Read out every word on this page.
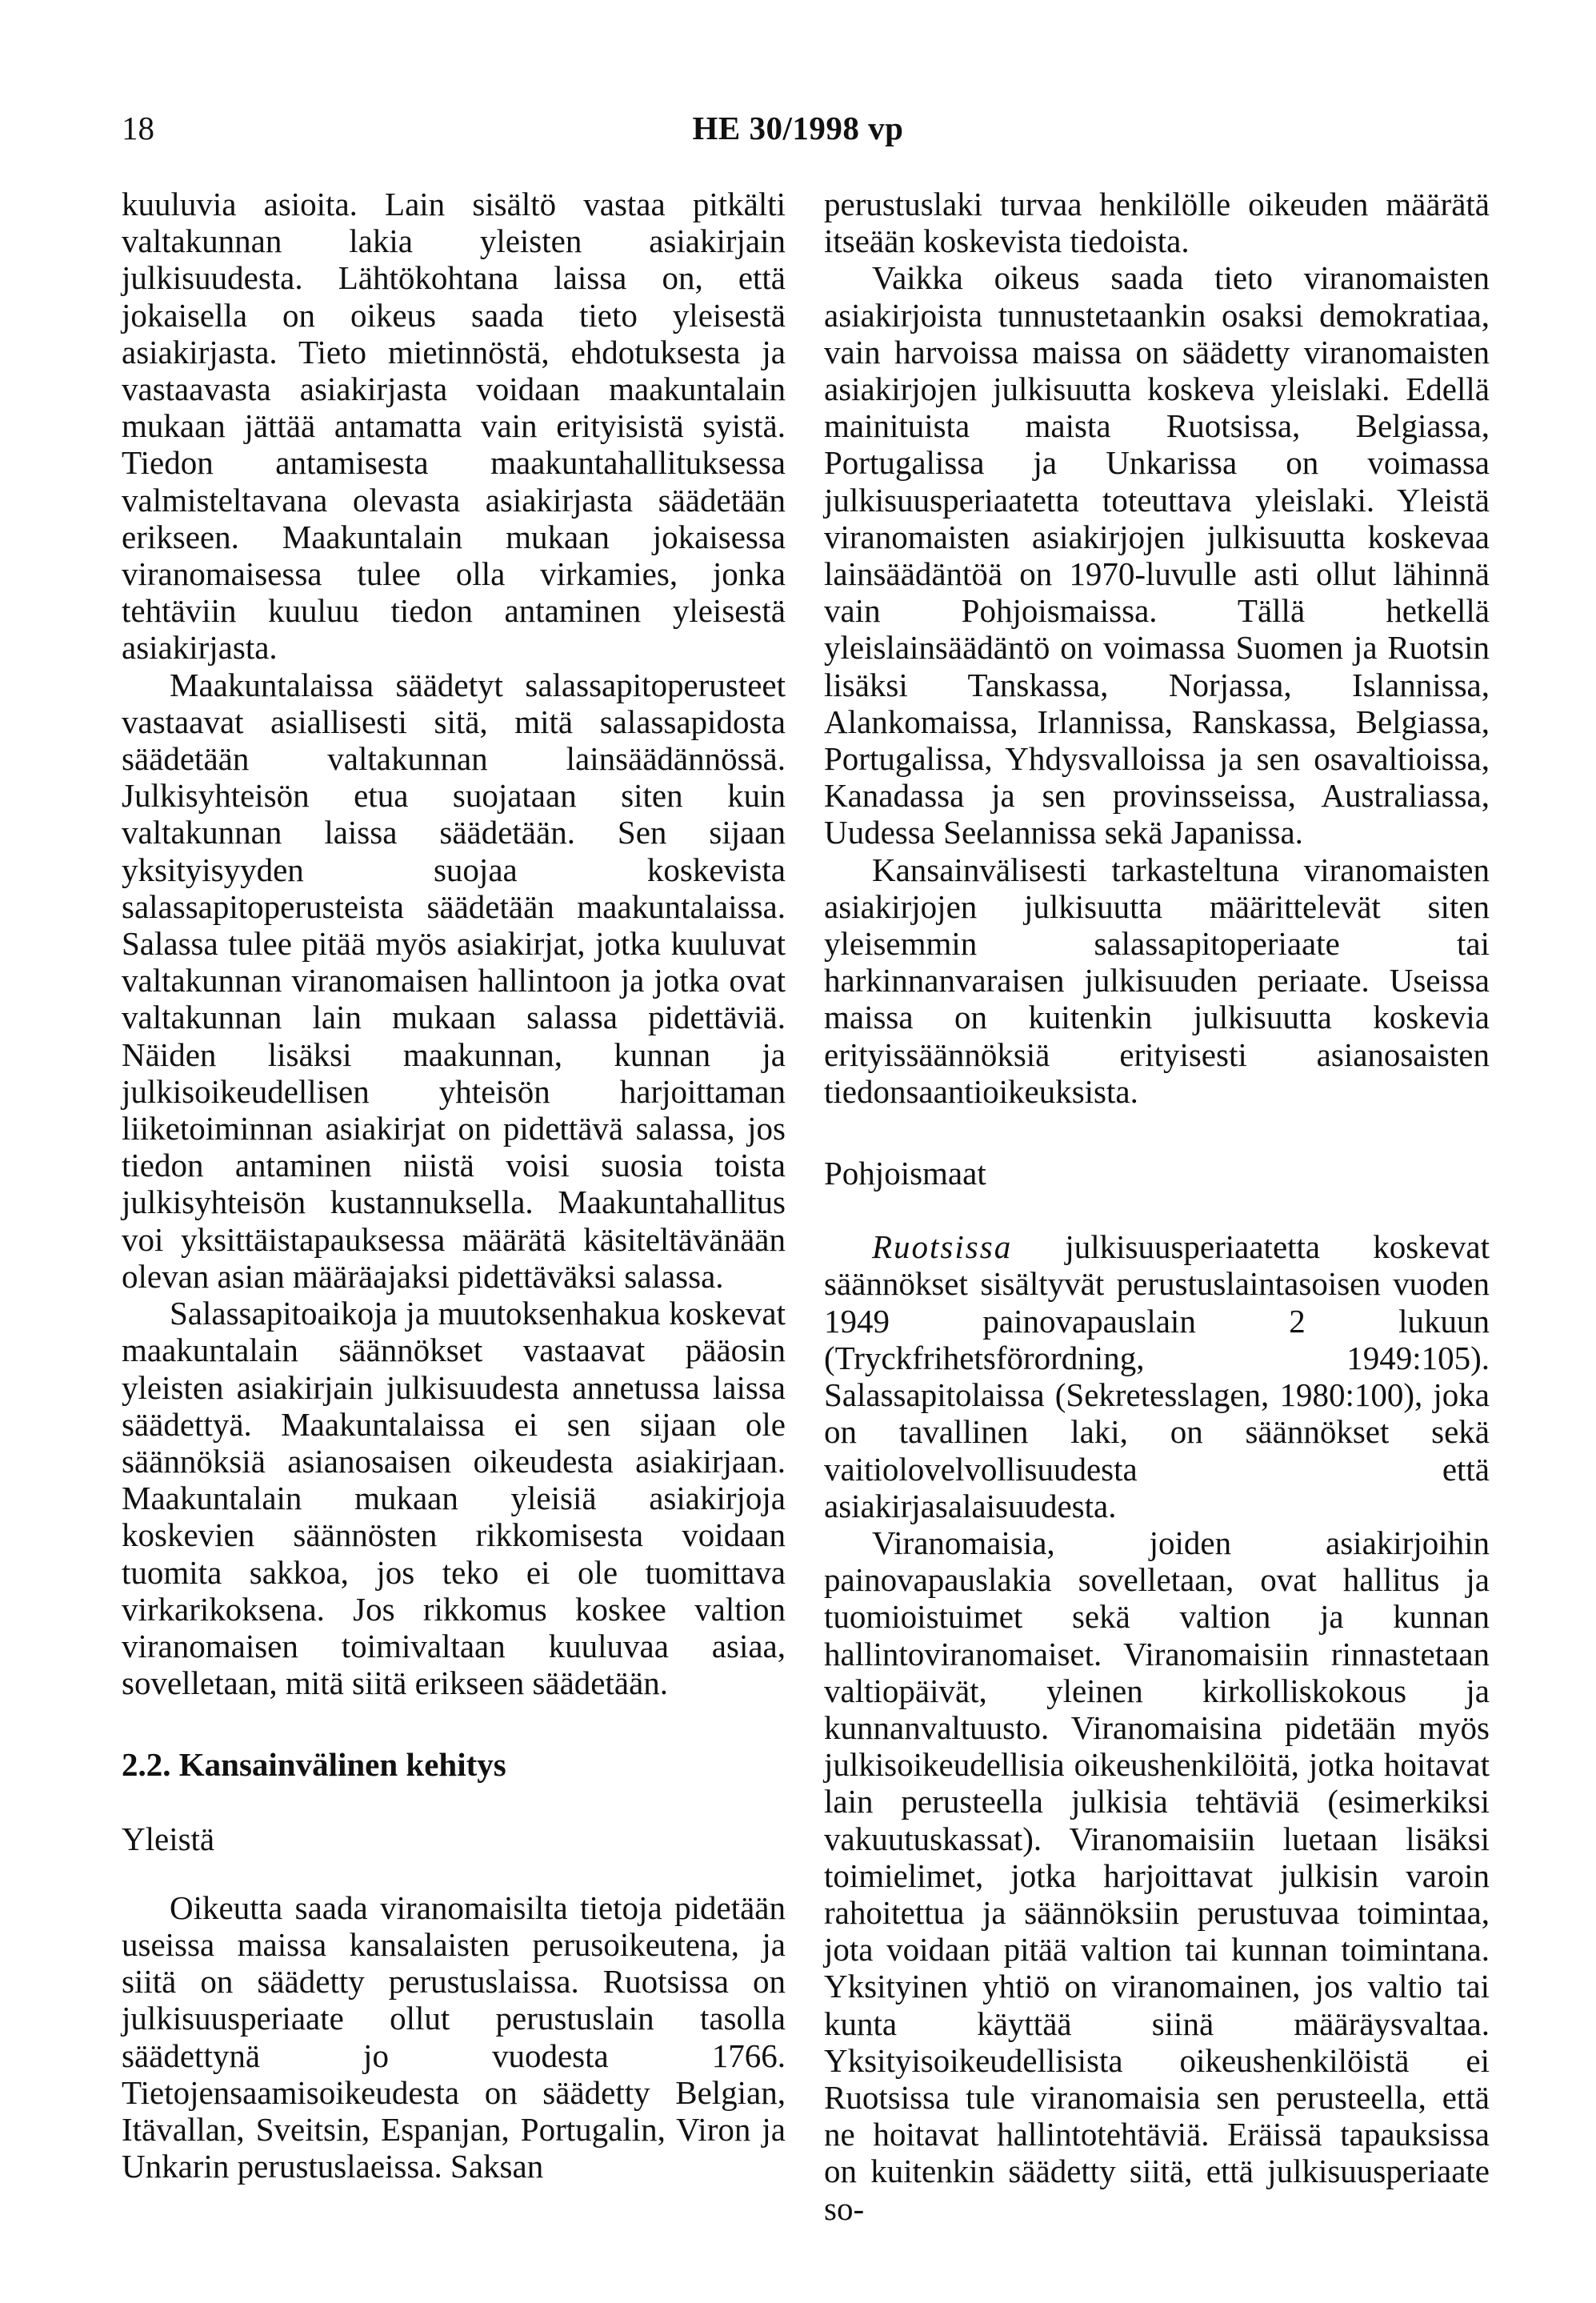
18	HE 30/1998 vp

kuuluvia asioita. Lain sisältö vastaa pitkälti valtakunnan lakia yleisten asiakirjain julkisuudesta. Lähtökohtana laissa on, että jokaisella on oikeus saada tieto yleisestä asiakirjasta. Tieto mietinnöstä, ehdotuksesta ja vastaavasta asiakirjasta voidaan maakuntalain mukaan jättää antamatta vain erityisistä syistä. Tiedon antamisesta maakuntahallituksessa valmisteltavana olevasta asiakirjasta säädetään erikseen. Maakuntalain mukaan jokaisessa viranomaisessa tulee olla virkamies, jonka tehtäviin kuuluu tiedon antaminen yleisestä asiakirjasta.

Maakuntalaissa säädetyt salassapitoperusteet vastaavat asiallisesti sitä, mitä salassapidosta säädetään valtakunnan lainsäädännössä. Julkisyhteisön etua suojataan siten kuin valtakunnan laissa säädetään. Sen sijaan yksityisyyden suojaa koskevista salassapitoperusteista säädetään maakuntalaissa. Salassa tulee pitää myös asiakirjat, jotka kuuluvat valtakunnan viranomaisen hallintoon ja jotka ovat valtakunnan lain mukaan salassa pidettäviä. Näiden lisäksi maakunnan, kunnan ja julkisoikeudellisen yhteisön harjoittaman liiketoiminnan asiakirjat on pidettävä salassa, jos tiedon antaminen niistä voisi suosia toista julkisyhteisön kustannuksella. Maakuntahallitus voi yksittäistapauksessa määrätä käsiteltävänään olevan asian määräajaksi pidettäväksi salassa.

Salassapitoaikoja ja muutoksenhakua koskevat maakuntalain säännökset vastaavat pääosin yleisten asiakirjain julkisuudesta annetussa laissa säädettyä. Maakuntalaissa ei sen sijaan ole säännöksiä asianosaisen oikeudesta asiakirjaan. Maakuntalain mukaan yleisiä asiakirjoja koskevien säännösten rikkomisesta voidaan tuomita sakkoa, jos teko ei ole tuomittava virkarikoksena. Jos rikkomus koskee valtion viranomaisen toimivaltaan kuuluvaa asiaa, sovelletaan, mitä siitä erikseen säädetään.

2.2. Kansainvälinen kehitys

Yleistä

Oikeutta saada viranomaisilta tietoja pidetään useissa maissa kansalaisten perusoikeutena, ja siitä on säädetty perustuslaissa. Ruotsissa on julkisuusperiaate ollut perustuslain tasolla säädettynä jo vuodesta 1766. Tietojensaamisoikeudesta on säädetty Belgian, Itävallan, Sveitsin, Espanjan, Portugalin, Viron ja Unkarin perustuslaeissa. Saksan

perustuslaki turvaa henkilölle oikeuden määrätä itseään koskevista tiedoista.

Vaikka oikeus saada tieto viranomaisten asiakirjoista tunnustetaankin osaksi demokratiaa, vain harvoissa maissa on säädetty viranomaisten asiakirjojen julkisuutta koskeva yleislaki. Edellä mainituista maista Ruotsissa, Belgiassa, Portugalissa ja Unkarissa on voimassa julkisuusperiaatetta toteuttava yleislaki. Yleistä viranomaisten asiakirjojen julkisuutta koskevaa lainsäädäntöä on 1970-luvulle asti ollut lähinnä vain Pohjoismaissa. Tällä hetkellä yleislainsäädäntö on voimassa Suomen ja Ruotsin lisäksi Tanskassa, Norjassa, Islannissa, Alankomaissa, Irlannissa, Ranskassa, Belgiassa, Portugalissa, Yhdysvalloissa ja sen osavaltioissa, Kanadassa ja sen provinsseissa, Australiassa, Uudessa Seelannissa sekä Japanissa.

Kansainvälisesti tarkasteltuna viranomaisten asiakirjojen julkisuutta määrittelevät siten yleisemmin salassapitoperiaate tai harkinnanvaraisen julkisuuden periaate. Useissa maissa on kuitenkin julkisuutta koskevia erityissäännöksiä erityisesti asianosaisten tiedonsaantioikeuksista.

Pohjoismaat

Ruotsissa julkisuusperiaatetta koskevat säännökset sisältyvät perustuslaintasoisen vuoden 1949 painovapauslain 2 lukuun (Tryckfrihetsförordning, 1949:105). Salassapitolaissa (Sekretesslagen, 1980:100), joka on tavallinen laki, on säännökset sekä vaitiolovelvollisuudesta että asiakirjasalaisuudesta.

Viranomaisia, joiden asiakirjoihin painovapauslakia sovelletaan, ovat hallitus ja tuomioistuimet sekä valtion ja kunnan hallintoviranomaiset. Viranomaisiin rinnastetaan valtiopäivät, yleinen kirkolliskokous ja kunnanvaltuusto. Viranomaisina pidetään myös julkisoikeudellisia oikeushenkilöitä, jotka hoitavat lain perusteella julkisia tehtäviä (esimerkiksi vakuutuskassat). Viranomaisiin luetaan lisäksi toimielimet, jotka harjoittavat julkisin varoin rahoitettua ja säännöksiin perustuvaa toimintaa, jota voidaan pitää valtion tai kunnan toimintana. Yksityinen yhtiö on viranomainen, jos valtio tai kunta käyttää siinä määräysvaltaa. Yksityisoikeudellisista oikeushenkilöistä ei Ruotsissa tule viranomaisia sen perusteella, että ne hoitavat hallintotehtäviä. Eräissä tapauksissa on kuitenkin säädetty siitä, että julkisuusperiaate so-
